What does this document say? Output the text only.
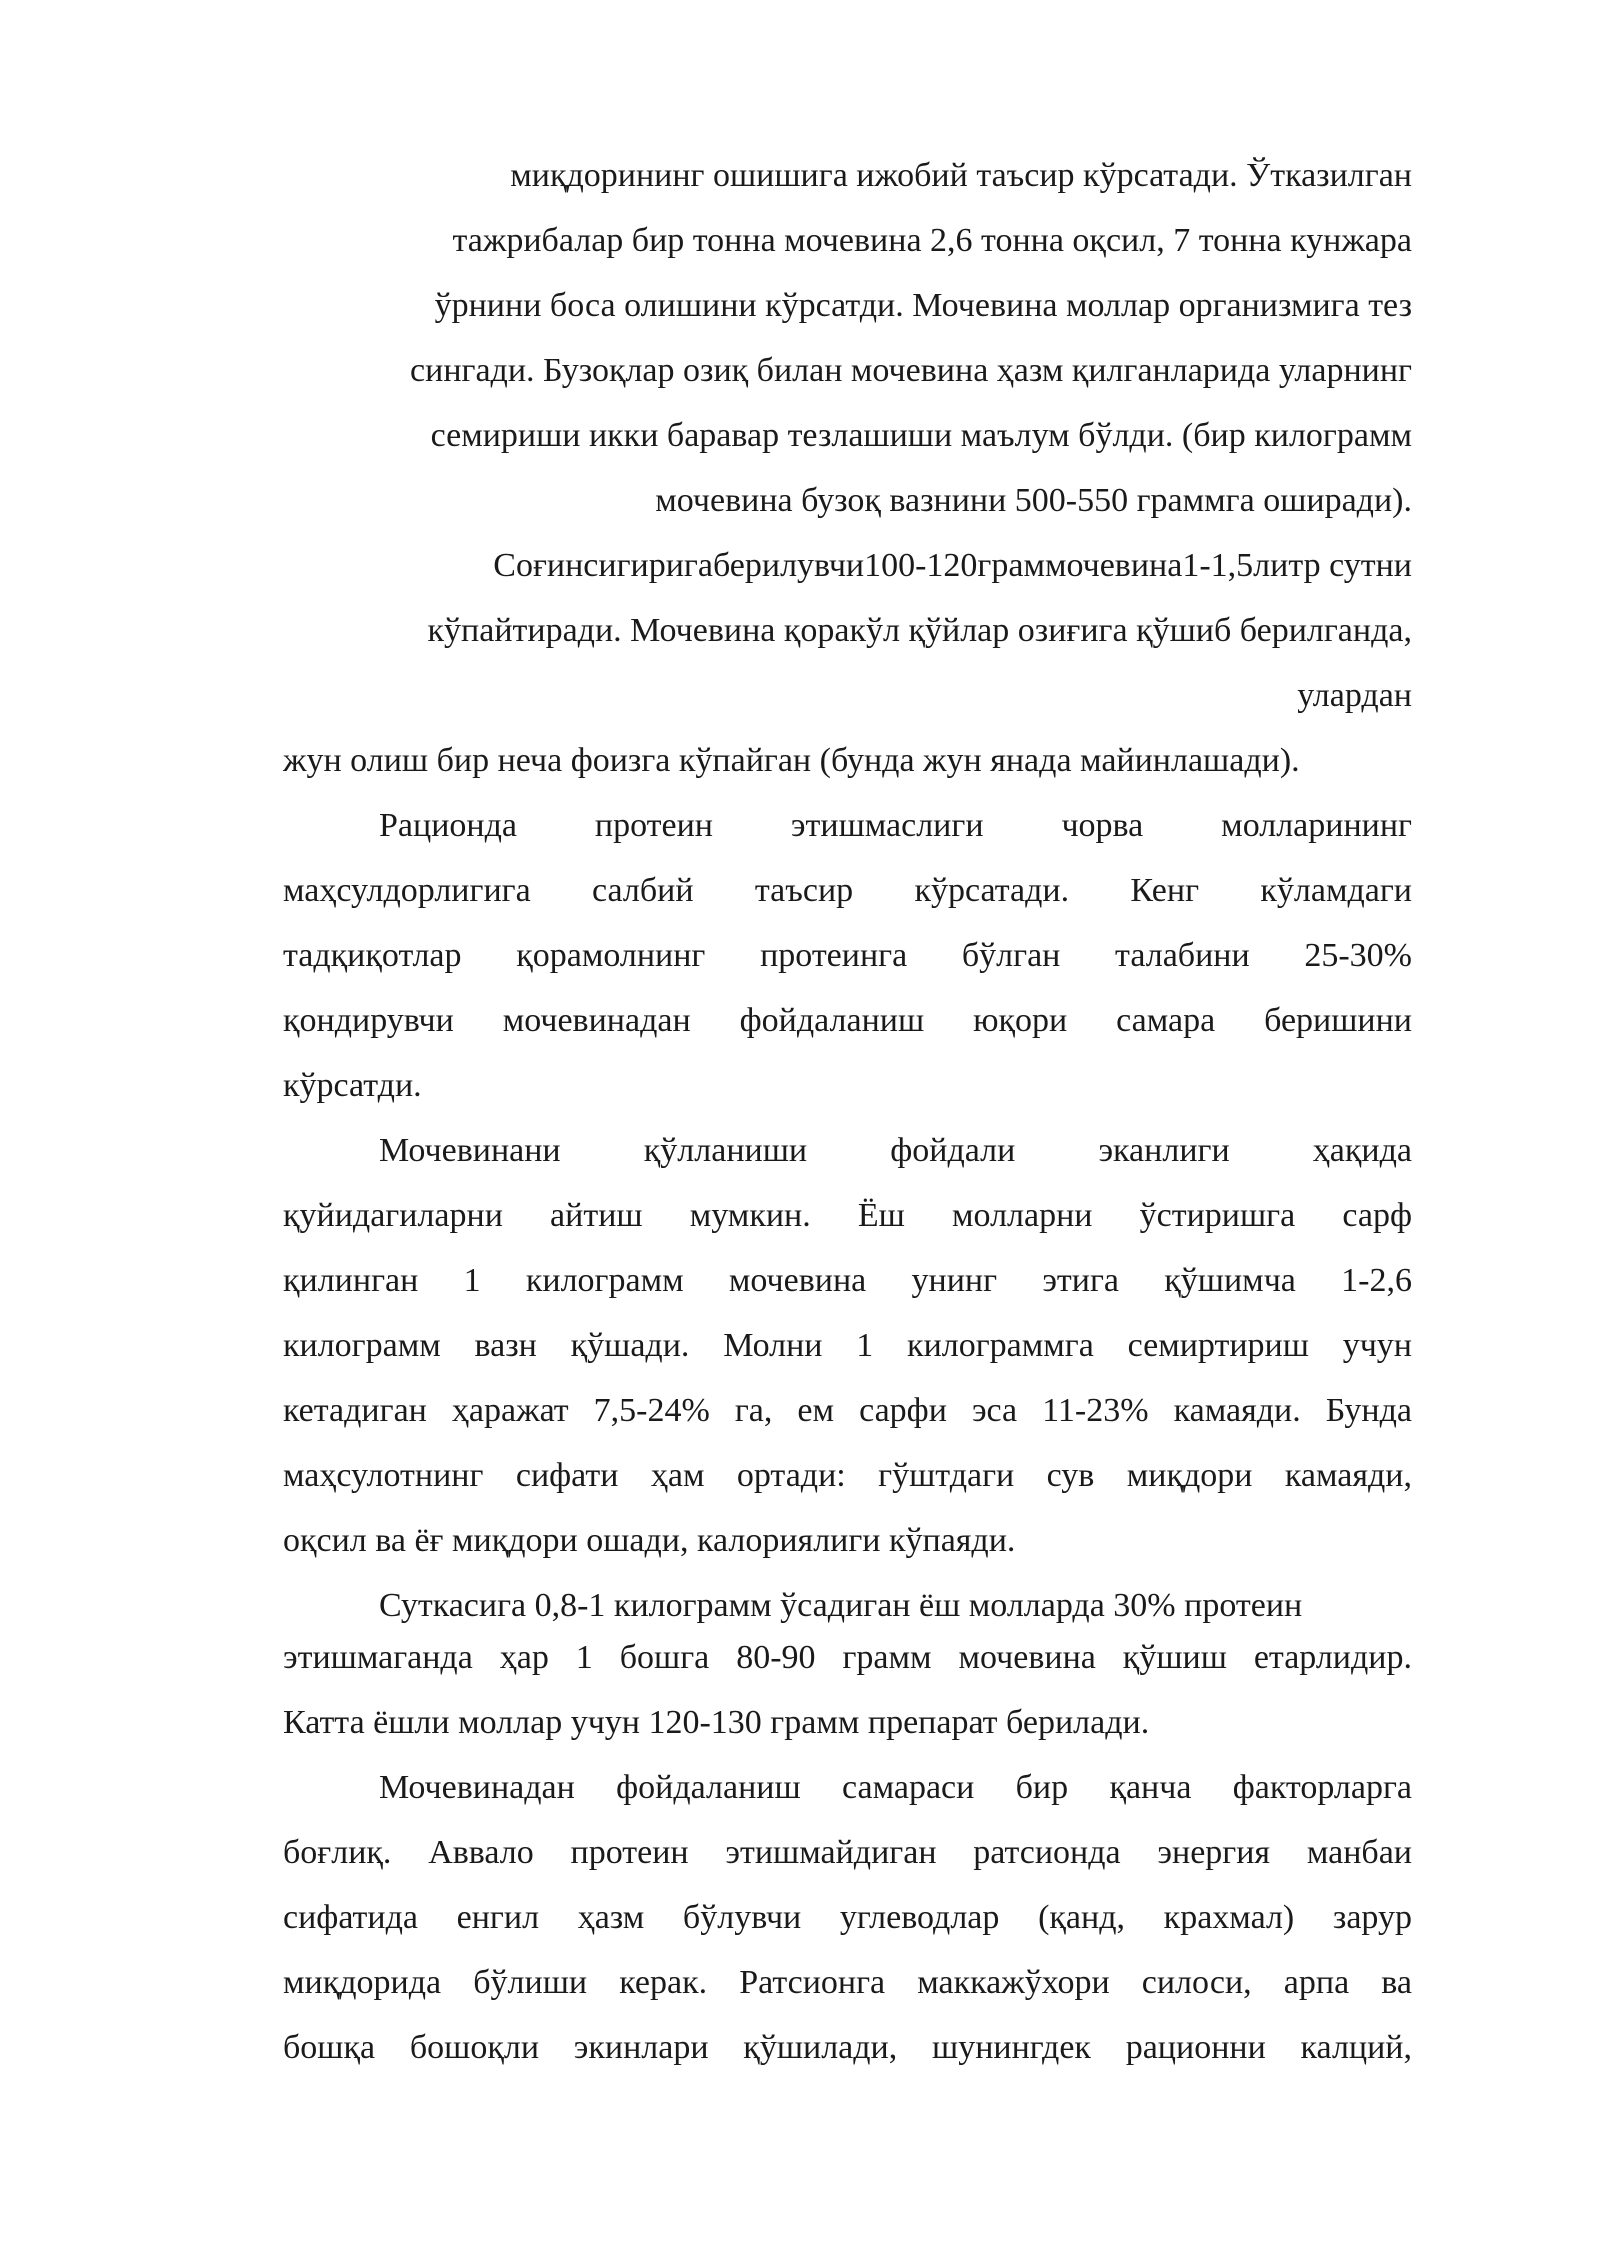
миқдорининг ошишига ижобий таъсир кўрсатади. Ўтказилган
тажрибалар бир тонна мочевина 2,6 тонна оқсил, 7 тонна кунжара
ўрнини боса олишини кўрсатди. Мочевина моллар организмига тез
сингади. Бузоқлар озиқ билан мочевина ҳазм қилганларида уларнинг
семириши икки баравар тезлашиши маълум бўлди. (бир килограмм
мочевина бузоқ вазнини 500-550 граммга оширади).
Соғинсигиригаберилувчи100-120граммочевина1-1,5литр сутни
кўпайтиради. Мочевина қоракўл қўйлар озиғига қўшиб берилганда,
улардан
жун олиш бир неча фоизга кўпайган (бунда жун янада майинлашади).
Рационда протеин этишмаслиги чорва молларининг
маҳсулдорлигига салбий таъсир кўрсатади. Кенг кўламдаги
тадқиқотлар қорамолнинг протеинга бўлган талабини 25-30%
қондирувчи мочевинадан фойдаланиш юқори самара беришини
кўрсатди.
Мочевинани қўлланиши фойдали эканлиги ҳақида
қуйидагиларни айтиш мумкин. Ёш молларни ўстиришга сарф
қилинган 1 килограмм мочевина унинг этига қўшимча 1-2,6
килограмм вазн қўшади. Молни 1 килограммга семиртириш учун
кетадиган ҳаражат 7,5-24% га, ем сарфи эса 11-23% камаяди. Бунда
маҳсулотнинг сифати ҳам ортади: гўштдаги сув миқдори камаяди,
оқсил ва ёғ миқдори ошади, калориялиги кўпаяди.
Суткасига 0,8-1 килограмм ўсадиган ёш молларда 30% протеин
этишмаганда ҳар 1 бошга 80-90 грамм мочевина қўшиш етарлидир.
Катта ёшли моллар учун 120-130 грамм препарат берилади.
Мочевинадан фойдаланиш самараси бир қанча факторларга
боғлиқ. Аввало протеин этишмайдиган ратсионда энергия манбаи
сифатида енгил ҳазм бўлувчи углеводлар (қанд, крахмал) зарур
миқдорида бўлиши керак. Ратсионга маккажўхори силоси, арпа ва
бошқа бошоқли экинлари қўшилади, шунингдек рационни калций,
